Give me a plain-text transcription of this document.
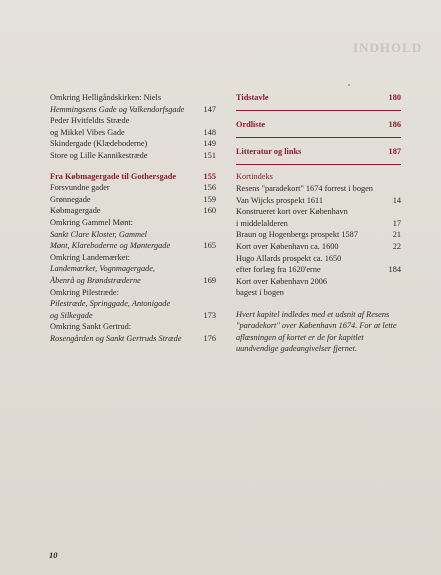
INDHOLD
Omkring Helligåndskirken: Niels
Hemmingsens Gade og Valkendorfsgade	147
Peder Hvitfeldts Stræde
og Mikkel Vibes Gade	148
Skindergade (Klædeboderne)	149
Store og Lille Kannikestræde	151
Fra Købmagergade til Gothersgade	155
Forsvundne gader	156
Grønnegade	159
Købmagergade	160
Omkring Gammel Mønt:
Sankt Clare Kloster, Gammel
Mønt, Klareboderne og Møntergade	165
Omkring Landemærket:
Landemærket, Vognmagergade,
Åbenrå og Brøndstræderne	169
Omkring Pilestræde:
Pilestræde, Springgade, Antonigade
og Silkegade	173
Omkring Sankt Gertrud:
Rosengården og Sankt Gertruds Stræde	176
Tidstavle	180
Ordliste	186
Litteratur og links	187
Kortindeks
Resens "paradekort" 1674 forrest i bogen
Van Wijcks prospekt 1611	14
Konstrueret kort over København
i middelalderen	17
Braun og Hogenbergs prospekt 1587	21
Kort over København ca. 1600	22
Hugo Allards prospekt ca. 1650
efter forlæg fra 1620'erne	184
Kort over København 2006
bagest i bogen
Hvert kapitel indledes med et udsnit af Resens "paradekort" over København 1674. For at lette aflæsningen af kortet er de for kapitlet uundvendige gadeangivelser fjernet.
10
